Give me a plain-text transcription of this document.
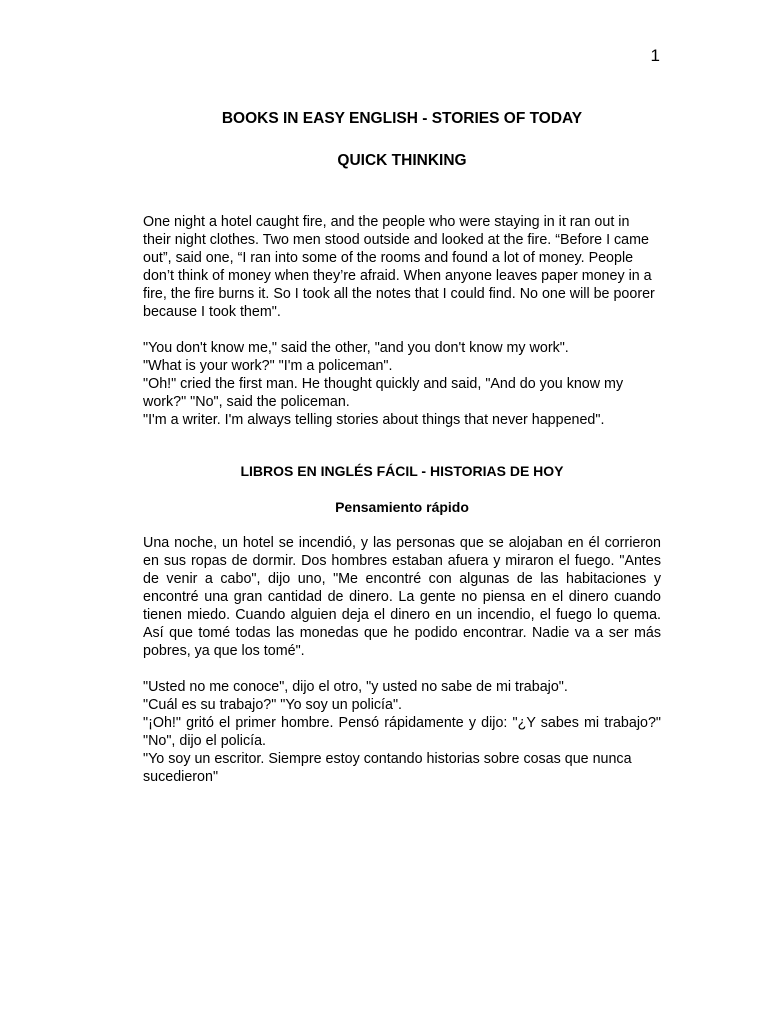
1
BOOKS IN EASY ENGLISH - STORIES OF TODAY
QUICK THINKING

One night a hotel caught fire, and the people who were staying in it ran out in their night clothes. Two men stood outside and looked at the fire. “Before I came out”, said one, “I ran into some of the rooms and found a lot of money. People don’t think of money when they’re afraid. When anyone leaves paper money in a fire, the fire burns it. So I took all the notes that I could find. No one will be poorer because I took them".

"You don't know me," said the other, "and you don't know my work".

"What is your work?" "I'm a policeman".

"Oh!" cried the first man. He thought quickly and said, "And do you know my work?" "No", said the policeman.

"I'm a writer. I'm always telling stories about things that never happened".

LIBROS EN INGLÉS FÁCIL - HISTORIAS DE HOY
Pensamiento rápido

Una noche, un hotel se incendió, y las personas que se alojaban en él corrieron en sus ropas de dormir. Dos hombres estaban afuera y miraron el fuego. "Antes de venir a cabo", dijo uno, "Me encontré con algunas de las habitaciones y encontré una gran cantidad de dinero. La gente no piensa en el dinero cuando tienen miedo. Cuando alguien deja el dinero en un incendio, el fuego lo quema. Así que tomé todas las monedas que he podido encontrar. Nadie va a ser más pobres, ya que los tomé".

"Usted no me conoce", dijo el otro, "y usted no sabe de mi trabajo".

"Cuál es su trabajo?" "Yo soy un policía".

"¡Oh!" gritó el primer hombre. Pensó rápidamente y dijo: "¿Y sabes mi trabajo?" "No", dijo el policía.

"Yo soy un escritor. Siempre estoy contando historias sobre cosas que nunca sucedieron"
